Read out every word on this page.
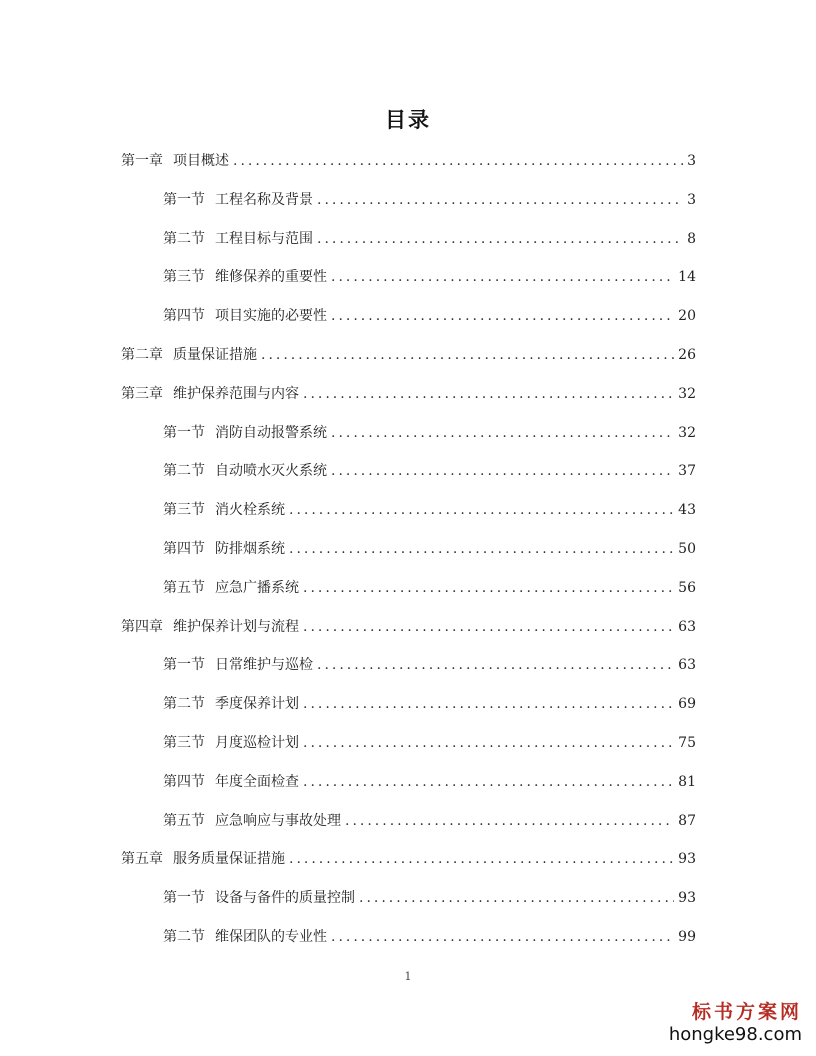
目录
第一章 项目概述 .....	3
第一节 工程名称及背景 .....	3
第二节 工程目标与范围 .....	8
第三节 维修保养的重要性 .....	14
第四节 项目实施的必要性 .....	20
第二章 质量保证措施 .....	26
第三章 维护保养范围与内容 .....	32
第一节 消防自动报警系统 .....	32
第二节 自动喷水灭火系统 .....	37
第三节 消火栓系统 .....	43
第四节 防排烟系统 .....	50
第五节 应急广播系统 .....	56
第四章 维护保养计划与流程 .....	63
第一节 日常维护与巡检 .....	63
第二节 季度保养计划 .....	69
第三节 月度巡检计划 .....	75
第四节 年度全面检查 .....	81
第五节 应急响应与事故处理 .....	87
第五章 服务质量保证措施 .....	93
第一节 设备与备件的质量控制 .....	93
第二节 维保团队的专业性 .....	99
1
标书方案网
hongke98.com
